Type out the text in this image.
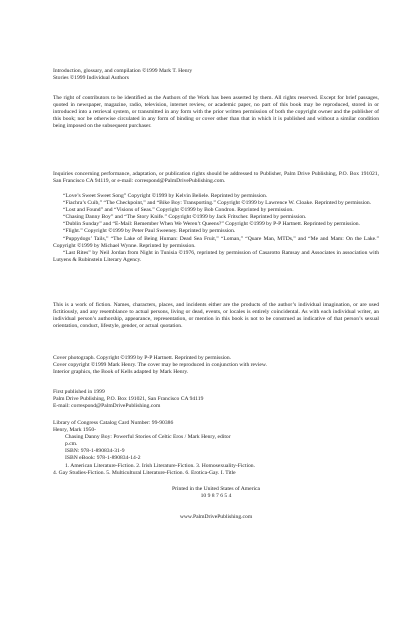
Introduction, glossary, and compilation ©1999 Mark T. Henry

Stories ©1999 Individual Authors

The right of contributors to be identified as the Authors of the Work has been asserted by them. All rights reserved. Except for brief passages, quoted in newspaper, magazine, radio, television, internet review, or academic paper, no part of this book may be reproduced, stored in or introduced into a retrieval system, or transmitted in any form with the prior written permission of both the copyright owner and the publisher of this book; nor be otherwise circulated in any form of binding or cover other than that in which it is published and without a similar condition being imposed on the subsequent purchaser.

Inquiries concerning performance, adaptation, or publication rights should be addressed to Publisher, Palm Drive Publishing, P.O. Box 191021, San Francisco CA 94119, or e-mail: correspond@PalmDrivePublishing.com.

“Love’s Sweet Sweet Song” Copyright ©1999 by Kelvin Beliele. Reprinted by permission.

“Fiachra’s Cuib,” “The Checkpoint,” and “Bike Boy: Transporting.” Copyright ©1999 by Lawrence W. Cloake. Reprinted by permission.

“Lost and Found” and “Visions of Seas.” Copyright ©1999 by Bob Condron. Reprinted by permission.

“Chasing Danny Boy” and “The Story Knife.” Copyright ©1999 by Jack Fritscher. Reprinted by permission.

“Dublin Sunday” and “E-Mail: Remember When We Weren’t Queens?” Copyright ©1999 by P-P Hartnett. Reprinted by permission.

“Flight.” Copyright ©1999 by Peter Paul Sweeney. Reprinted by permission.

“Puppydogs’ Tails,” “The Lake of Being Human: Dead Sea Fruit,” “Loman,” “Quare Man, MTDs,” and “Me and Mam: On the Lake.” Copyright ©1999 by Michael Wynne. Reprinted by permission.

“Last Rites” by Neil Jordan from Night in Tunisia ©1976, reprinted by permission of Casarotto Ramsay and Associates in association with Lutyens & Rubinstein Literary Agency.

This is a work of fiction. Names, characters, places, and incidents either are the products of the author’s individual imagination, or are used fictitiously, and any resemblance to actual persons, living or dead, events, or locales is entirely coincidental. As with each individual writer, an individual person’s authorship, appearance, representation, or mention in this book is not to be construed as indicative of that person’s sexual orientation, conduct, lifestyle, gender, or actual quotation.

Cover photograph. Copyright ©1999 by P-P Hartnett. Reprinted by permission.

Cover copyright ©1999 Mark Henry. The cover may be reproduced in conjunction with review.

Interior graphics, the Book of Kells adapted by Mark Henry.

First published in 1999

Palm Drive Publishing, P.O. Box 191021, San Francisco CA 94119

E-mail: correspond@PalmDrivePublishing.com

Library of Congress Catalog Card Number: 99-90386

Henry, Mark 1950-

Chasing Danny Boy: Powerful Stories of Celtic Eros / Mark Henry, editor

p.cm.

ISBN: 978-1-890834-31-9

ISBN eBook: 978-1-890834-14-2

1. American Literature-Fiction. 2. Irish Literature-Fiction. 3. Homosexuality-Fiction.

4. Gay Studies-Fiction. 5. Multicultural Literature-Fiction. 6. Erotica-Gay. I. Title

Printed in the United States of America

10 9 8 7 6 5 4

www.PalmDrivePublishing.com
